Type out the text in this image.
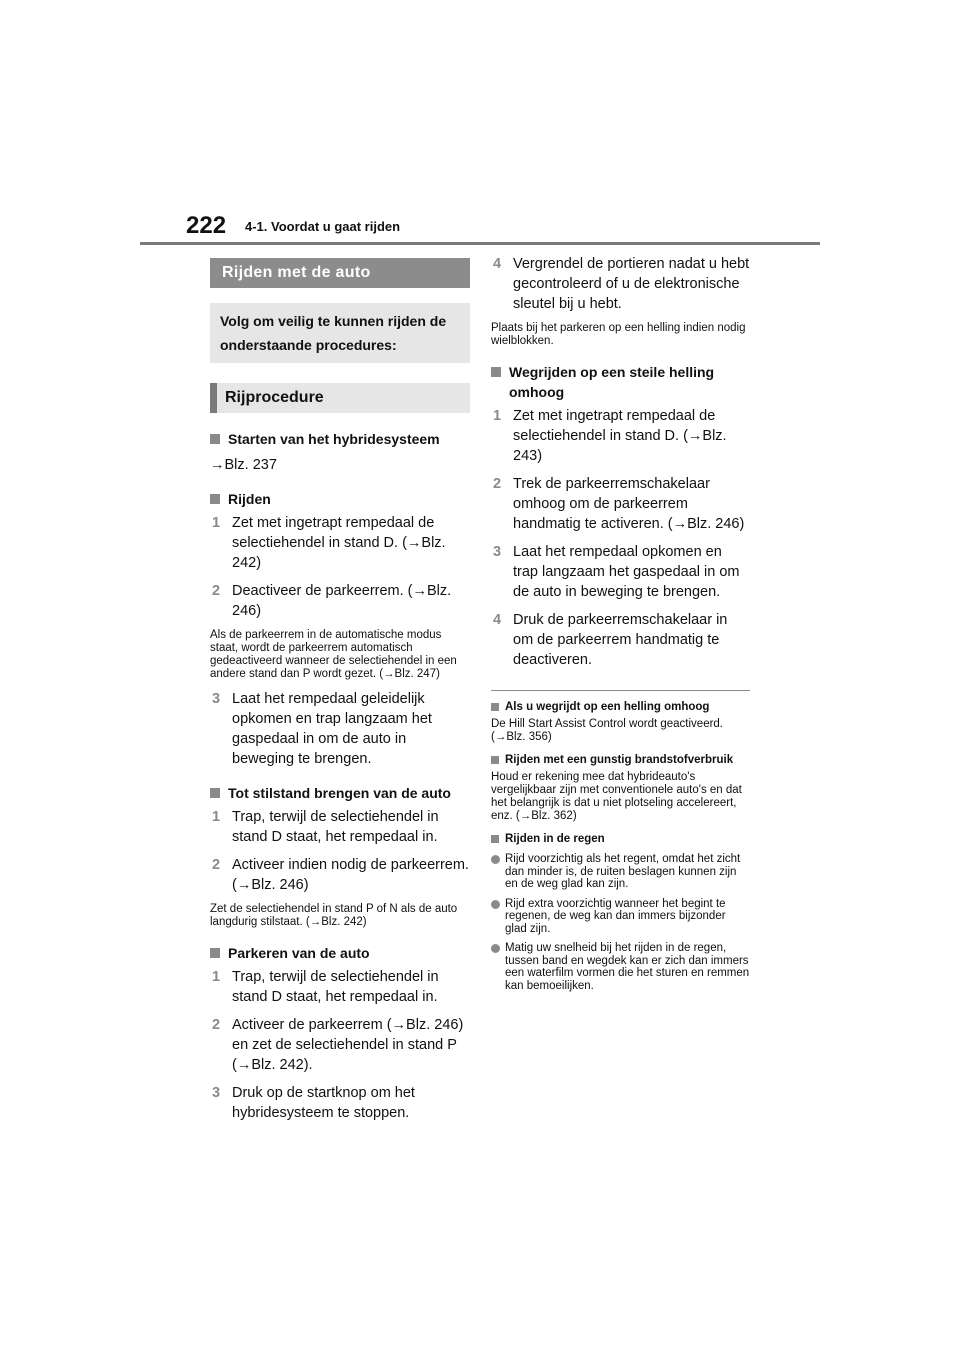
222 4-1. Voordat u gaat rijden
Rijden met de auto
Volg om veilig te kunnen rijden de onderstaande procedures:
Rijprocedure
Starten van het hybridesysteem
→Blz. 237
Rijden
1 Zet met ingetrapt rempedaal de selectiehendel in stand D. (→Blz. 242)
2 Deactiveer de parkeerrem. (→Blz. 246)
Als de parkeerrem in de automatische modus staat, wordt de parkeerrem automatisch gedeactiveerd wanneer de selectiehendel in een andere stand dan P wordt gezet. (→Blz. 247)
3 Laat het rempedaal geleidelijk opkomen en trap langzaam het gaspedaal in om de auto in beweging te brengen.
Tot stilstand brengen van de auto
1 Trap, terwijl de selectiehendel in stand D staat, het rempedaal in.
2 Activeer indien nodig de parkeerrem. (→Blz. 246)
Zet de selectiehendel in stand P of N als de auto langdurig stilstaat. (→Blz. 242)
Parkeren van de auto
1 Trap, terwijl de selectiehendel in stand D staat, het rempedaal in.
2 Activeer de parkeerrem (→Blz. 246) en zet de selectiehendel in stand P (→Blz. 242).
3 Druk op de startknop om het hybridesysteem te stoppen.
4 Vergrendel de portieren nadat u hebt gecontroleerd of u de elektronische sleutel bij u hebt.
Plaats bij het parkeren op een helling indien nodig wielblokken.
Wegrijden op een steile helling omhoog
1 Zet met ingetrapt rempedaal de selectiehendel in stand D. (→Blz. 243)
2 Trek de parkeerremschakelaar omhoog om de parkeerrem handmatig te activeren. (→Blz. 246)
3 Laat het rempedaal opkomen en trap langzaam het gaspedaal in om de auto in beweging te brengen.
4 Druk de parkeerremschakelaar in om de parkeerrem handmatig te deactiveren.
Als u wegrijdt op een helling omhoog
De Hill Start Assist Control wordt geactiveerd. (→Blz. 356)
Rijden met een gunstig brandstofverbruik
Houd er rekening mee dat hybrideauto's vergelijkbaar zijn met conventionele auto's en dat het belangrijk is dat u niet plotseling accelereert, enz. (→Blz. 362)
Rijden in de regen
Rijd voorzichtig als het regent, omdat het zicht dan minder is, de ruiten beslagen kunnen zijn en de weg glad kan zijn.
Rijd extra voorzichtig wanneer het begint te regenen, de weg kan dan immers bijzonder glad zijn.
Matig uw snelheid bij het rijden in de regen, tussen band en wegdek kan er zich dan immers een waterfilm vormen die het sturen en remmen kan bemoeilijken.
